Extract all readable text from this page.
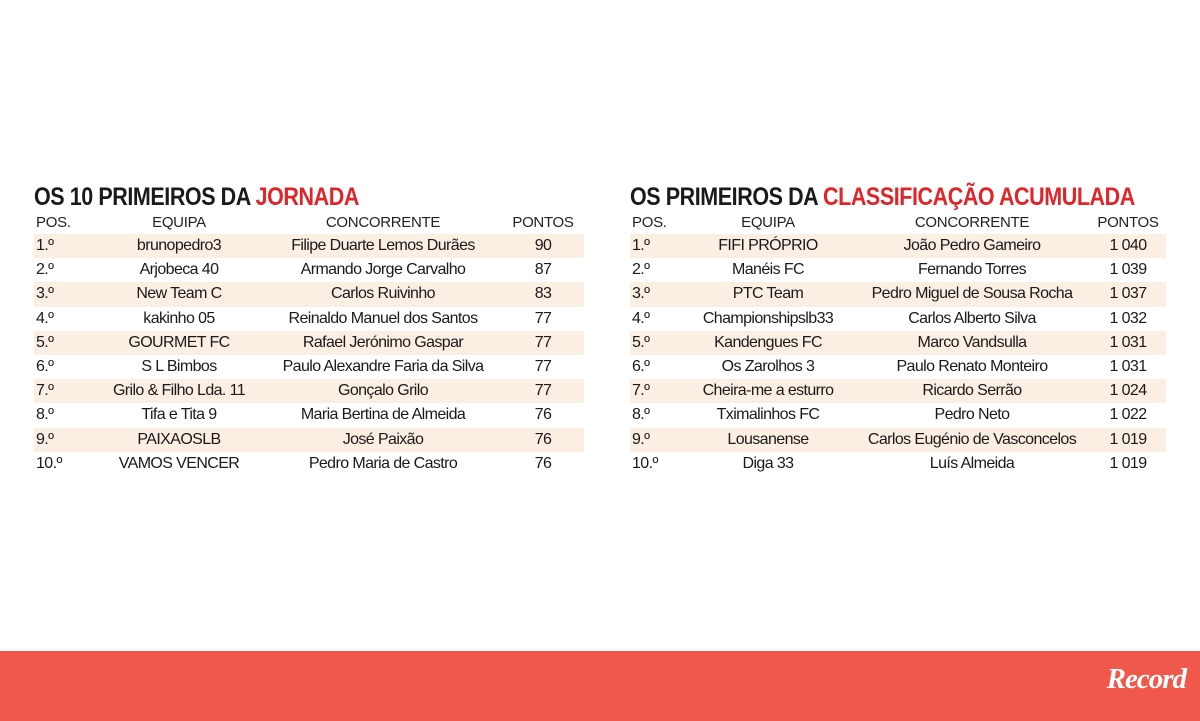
OS 10 PRIMEIROS DA JORNADA
POS.	EQUIPA	CONCORRENTE	PONTOS
1.º	brunopedro3	Filipe Duarte Lemos Durães	90
2.º	Arjobeca 40	Armando Jorge Carvalho	87
3.º	New Team C	Carlos Ruivinho	83
4.º	kakinho 05	Reinaldo Manuel dos Santos	77
5.º	GOURMET FC	Rafael Jerónimo Gaspar	77
6.º	S L Bimbos	Paulo Alexandre Faria da Silva	77
7.º	Grilo & Filho Lda. 11	Gonçalo Grilo	77
8.º	Tifa e Tita 9	Maria Bertina de Almeida	76
9.º	PAIXAOSLB	José Paixão	76
10.º	VAMOS VENCER	Pedro Maria de Castro	76
OS PRIMEIROS DA CLASSIFICAÇÃO ACUMULADA
POS.	EQUIPA	CONCORRENTE	PONTOS
1.º	FIFI PRÓPRIO	João Pedro Gameiro	1 040
2.º	Manéis FC	Fernando Torres	1 039
3.º	PTC Team	Pedro Miguel de Sousa Rocha	1 037
4.º	Championshipslb33	Carlos Alberto Silva	1 032
5.º	Kandengues FC	Marco Vandsulla	1 031
6.º	Os Zarolhos 3	Paulo Renato Monteiro	1 031
7.º	Cheira-me a esturro	Ricardo Serrão	1 024
8.º	Tximalinhos FC	Pedro Neto	1 022
9.º	Lousanense	Carlos Eugénio de Vasconcelos	1 019
10.º	Diga 33	Luís Almeida	1 019
Record
